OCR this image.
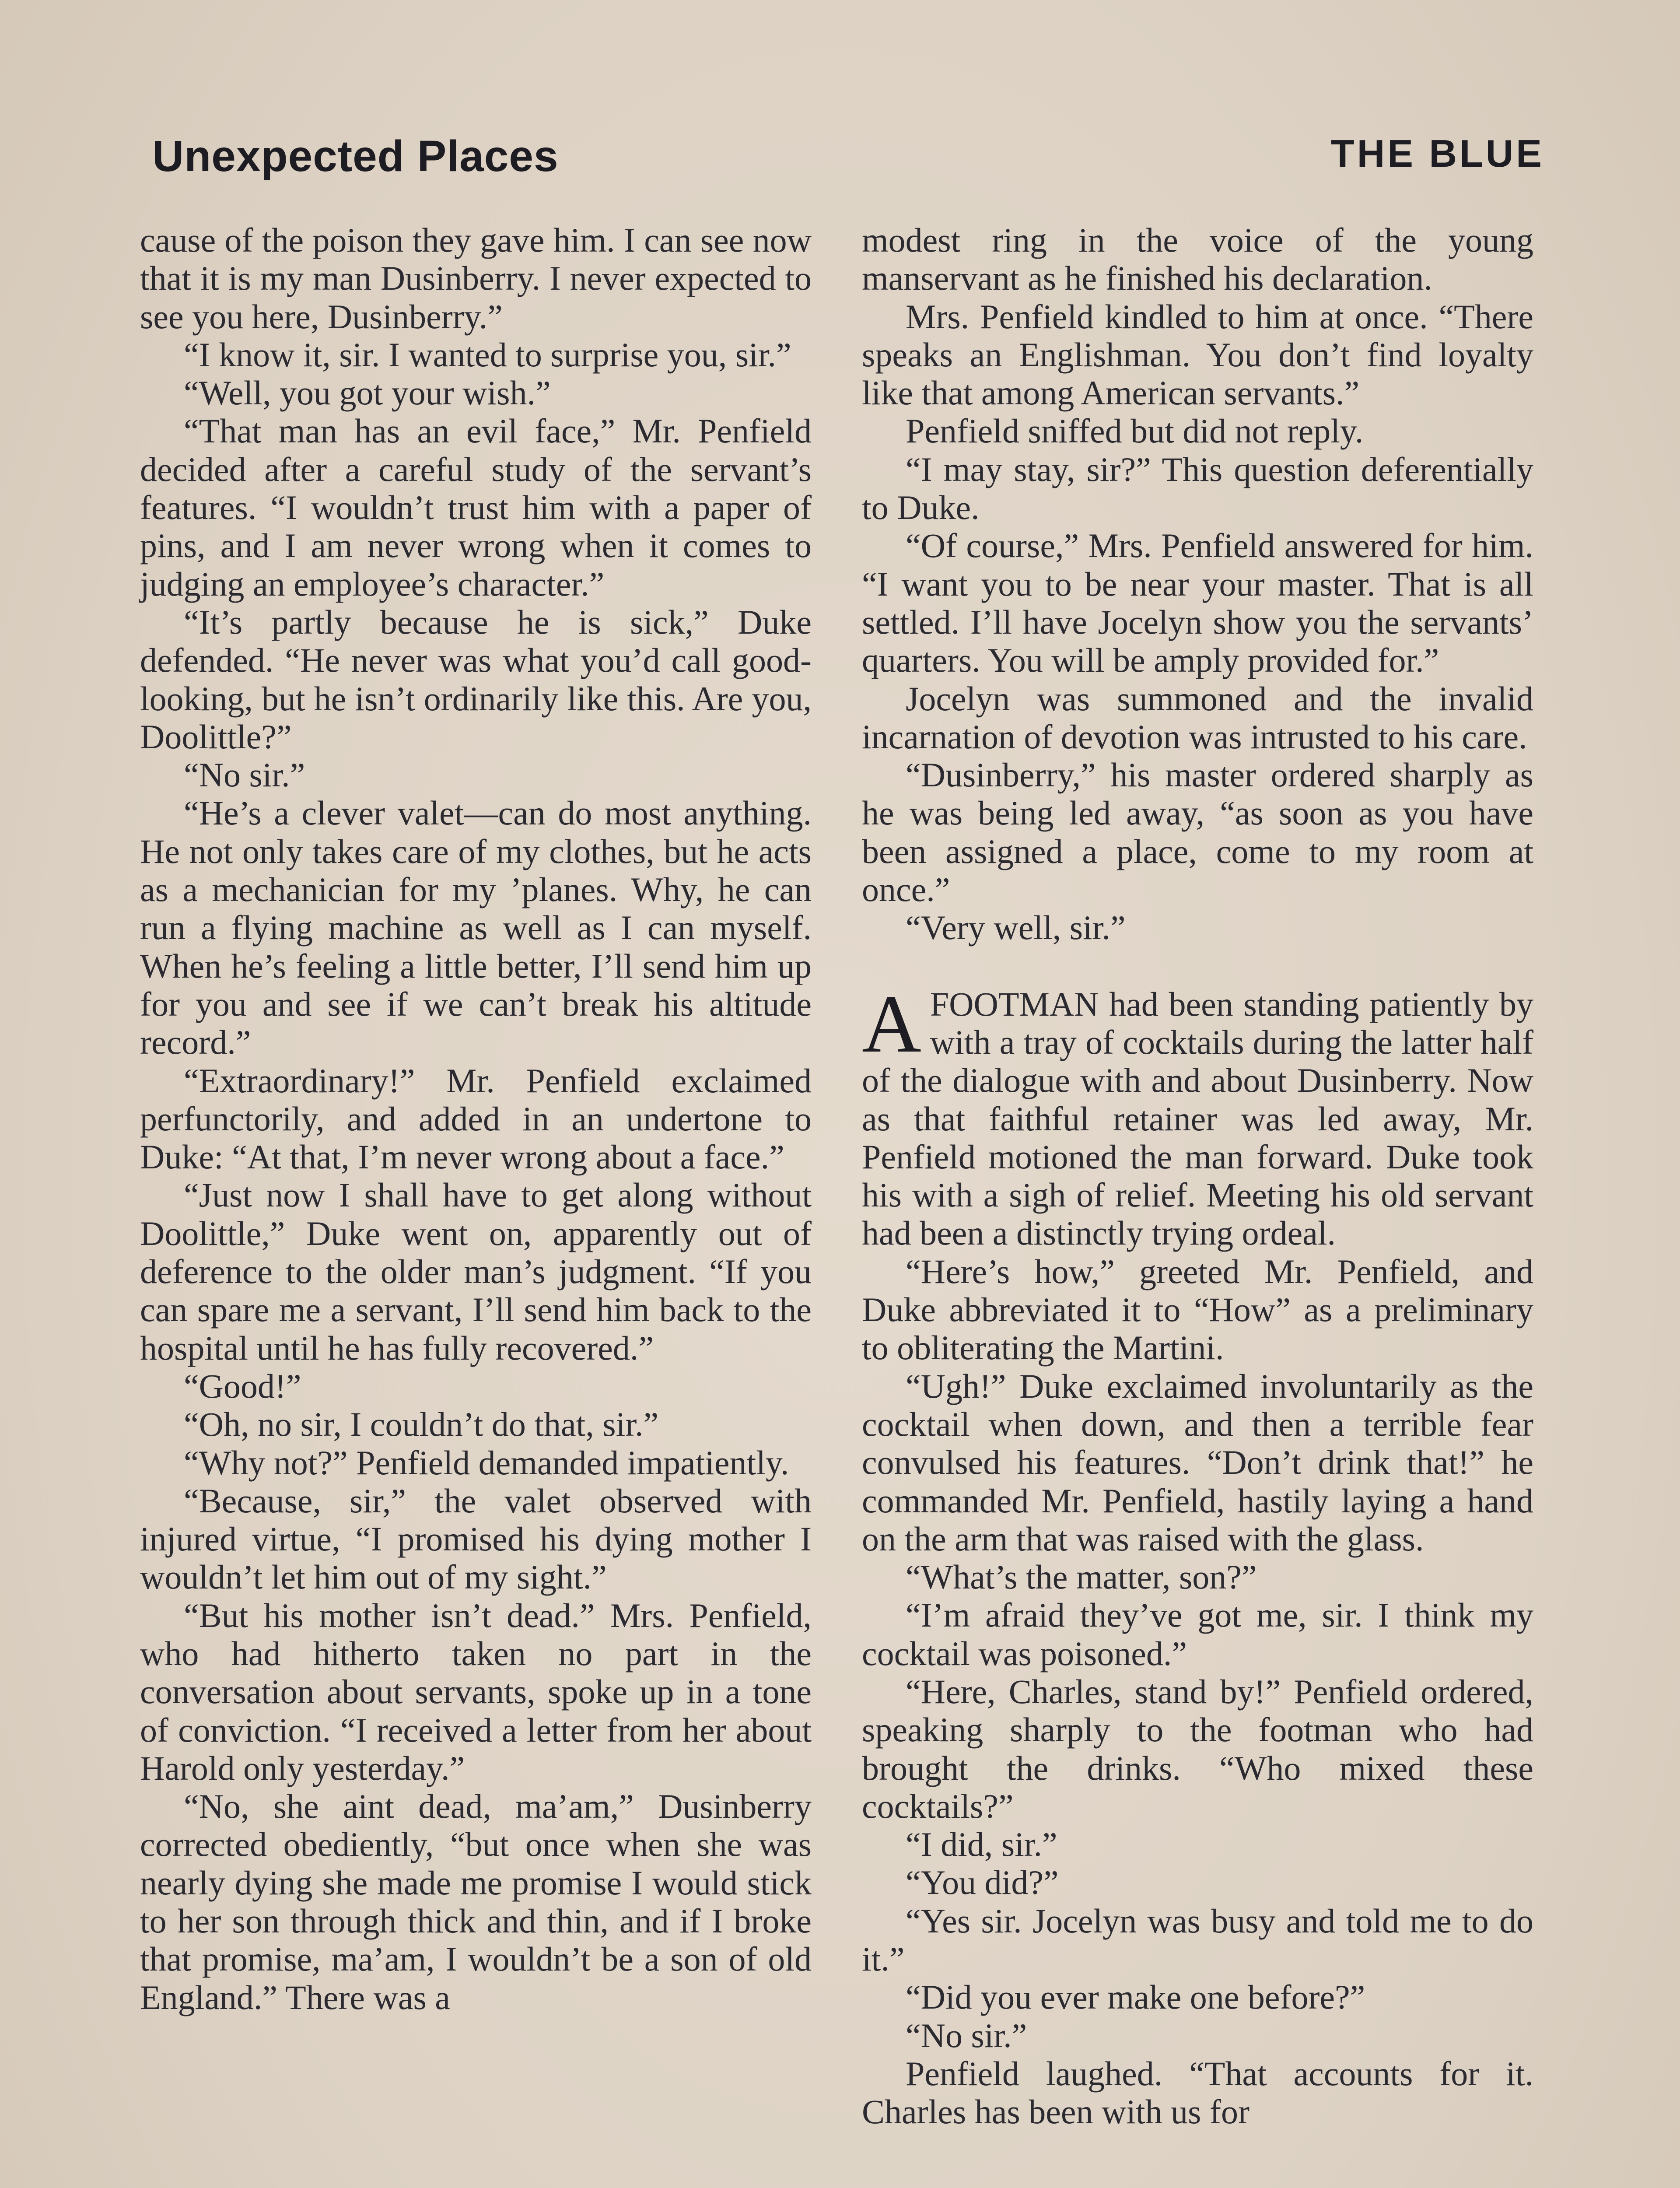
Unexpected Places	THE BLUE

cause of the poison they gave him. I can see now that it is my man Dusinberry. I never expected to see you here, Dusinberry.”

“I know it, sir. I wanted to surprise you, sir.”

“Well, you got your wish.”

“That man has an evil face,” Mr. Penfield decided after a careful study of the servant’s features. “I wouldn’t trust him with a paper of pins, and I am never wrong when it comes to judging an employee’s character.”

“It’s partly because he is sick,” Duke defended. “He never was what you’d call good-looking, but he isn’t ordinarily like this. Are you, Doolittle?”

“No sir.”

“He’s a clever valet—can do most anything. He not only takes care of my clothes, but he acts as a mechanician for my ’planes. Why, he can run a flying machine as well as I can myself. When he’s feeling a little better, I’ll send him up for you and see if we can’t break his altitude record.”

“Extraordinary!” Mr. Penfield exclaimed perfunctorily, and added in an undertone to Duke: “At that, I’m never wrong about a face.”

“Just now I shall have to get along without Doolittle,” Duke went on, apparently out of deference to the older man’s judgment. “If you can spare me a servant, I’ll send him back to the hospital until he has fully recovered.”

“Good!”

“Oh, no sir, I couldn’t do that, sir.”

“Why not?” Penfield demanded impatiently.

“Because, sir,” the valet observed with injured virtue, “I promised his dying mother I wouldn’t let him out of my sight.”

“But his mother isn’t dead.” Mrs. Penfield, who had hitherto taken no part in the conversation about servants, spoke up in a tone of conviction. “I received a letter from her about Harold only yesterday.”

“No, she aint dead, ma’am,” Dusinberry corrected obediently, “but once when she was nearly dying she made me promise I would stick to her son through thick and thin, and if I broke that promise, ma’am, I wouldn’t be a son of old England.” There was a

modest ring in the voice of the young manservant as he finished his declaration.

Mrs. Penfield kindled to him at once. “There speaks an Englishman. You don’t find loyalty like that among American servants.”

Penfield sniffed but did not reply.

“I may stay, sir?” This question deferentially to Duke.

“Of course,” Mrs. Penfield answered for him. “I want you to be near your master. That is all settled. I’ll have Jocelyn show you the servants’ quarters. You will be amply provided for.”

Jocelyn was summoned and the invalid incarnation of devotion was intrusted to his care.

“Dusinberry,” his master ordered sharply as he was being led away, “as soon as you have been assigned a place, come to my room at once.”

“Very well, sir.”

AFOOTMAN had been standing patiently by with a tray of cocktails during the latter half of the dialogue with and about Dusinberry. Now as that faithful retainer was led away, Mr. Penfield motioned the man forward. Duke took his with a sigh of relief. Meeting his old servant had been a distinctly trying ordeal.

“Here’s how,” greeted Mr. Penfield, and Duke abbreviated it to “How” as a preliminary to obliterating the Martini.

“Ugh!” Duke exclaimed involuntarily as the cocktail when down, and then a terrible fear convulsed his features. “Don’t drink that!” he commanded Mr. Penfield, hastily laying a hand on the arm that was raised with the glass.

“What’s the matter, son?”

“I’m afraid they’ve got me, sir. I think my cocktail was poisoned.”

“Here, Charles, stand by!” Penfield ordered, speaking sharply to the footman who had brought the drinks. “Who mixed these cocktails?”

“I did, sir.”

“You did?”

“Yes sir. Jocelyn was busy and told me to do it.”

“Did you ever make one before?”

“No sir.”

Penfield laughed. “That accounts for it. Charles has been with us for
